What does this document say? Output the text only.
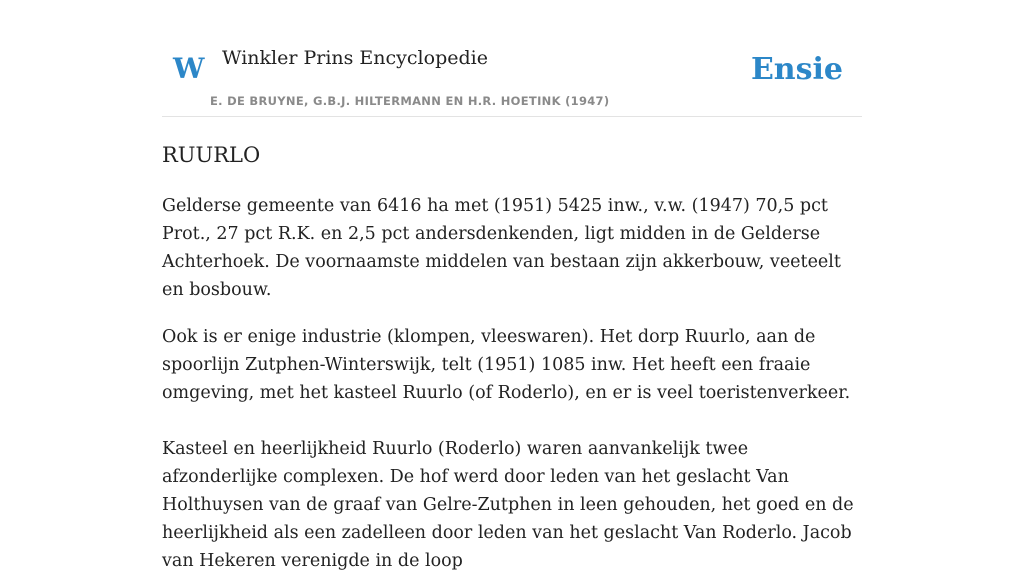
W Winkler Prins Encyclopedie
E. DE BRUYNE, G.B.J. HILTERMANN EN H.R. HOETINK (1947)
Ensie
RUURLO

Gelderse gemeente van 6416 ha met (1951) 5425 inw., v.w. (1947) 70,5 pct Prot., 27 pct R.K. en 2,5 pct andersdenkenden, ligt midden in de Gelderse Achterhoek. De voornaamste middelen van bestaan zijn akkerbouw, veeteelt en bosbouw.

Ook is er enige industrie (klompen, vleeswaren). Het dorp Ruurlo, aan de spoorlijn Zutphen-Winterswijk, telt (1951) 1085 inw. Het heeft een fraaie omgeving, met het kasteel Ruurlo (of Roderlo), en er is veel toeristenverkeer.

Kasteel en heerlijkheid Ruurlo (Roderlo) waren aanvankelijk twee afzonderlijke complexen. De hof werd door leden van het geslacht Van Holthuysen van de graaf van Gelre-Zutphen in leen gehouden, het goed en de heerlijkheid als een zadelleen door leden van het geslacht Van Roderlo. Jacob van Hekeren verenigde in de loop
